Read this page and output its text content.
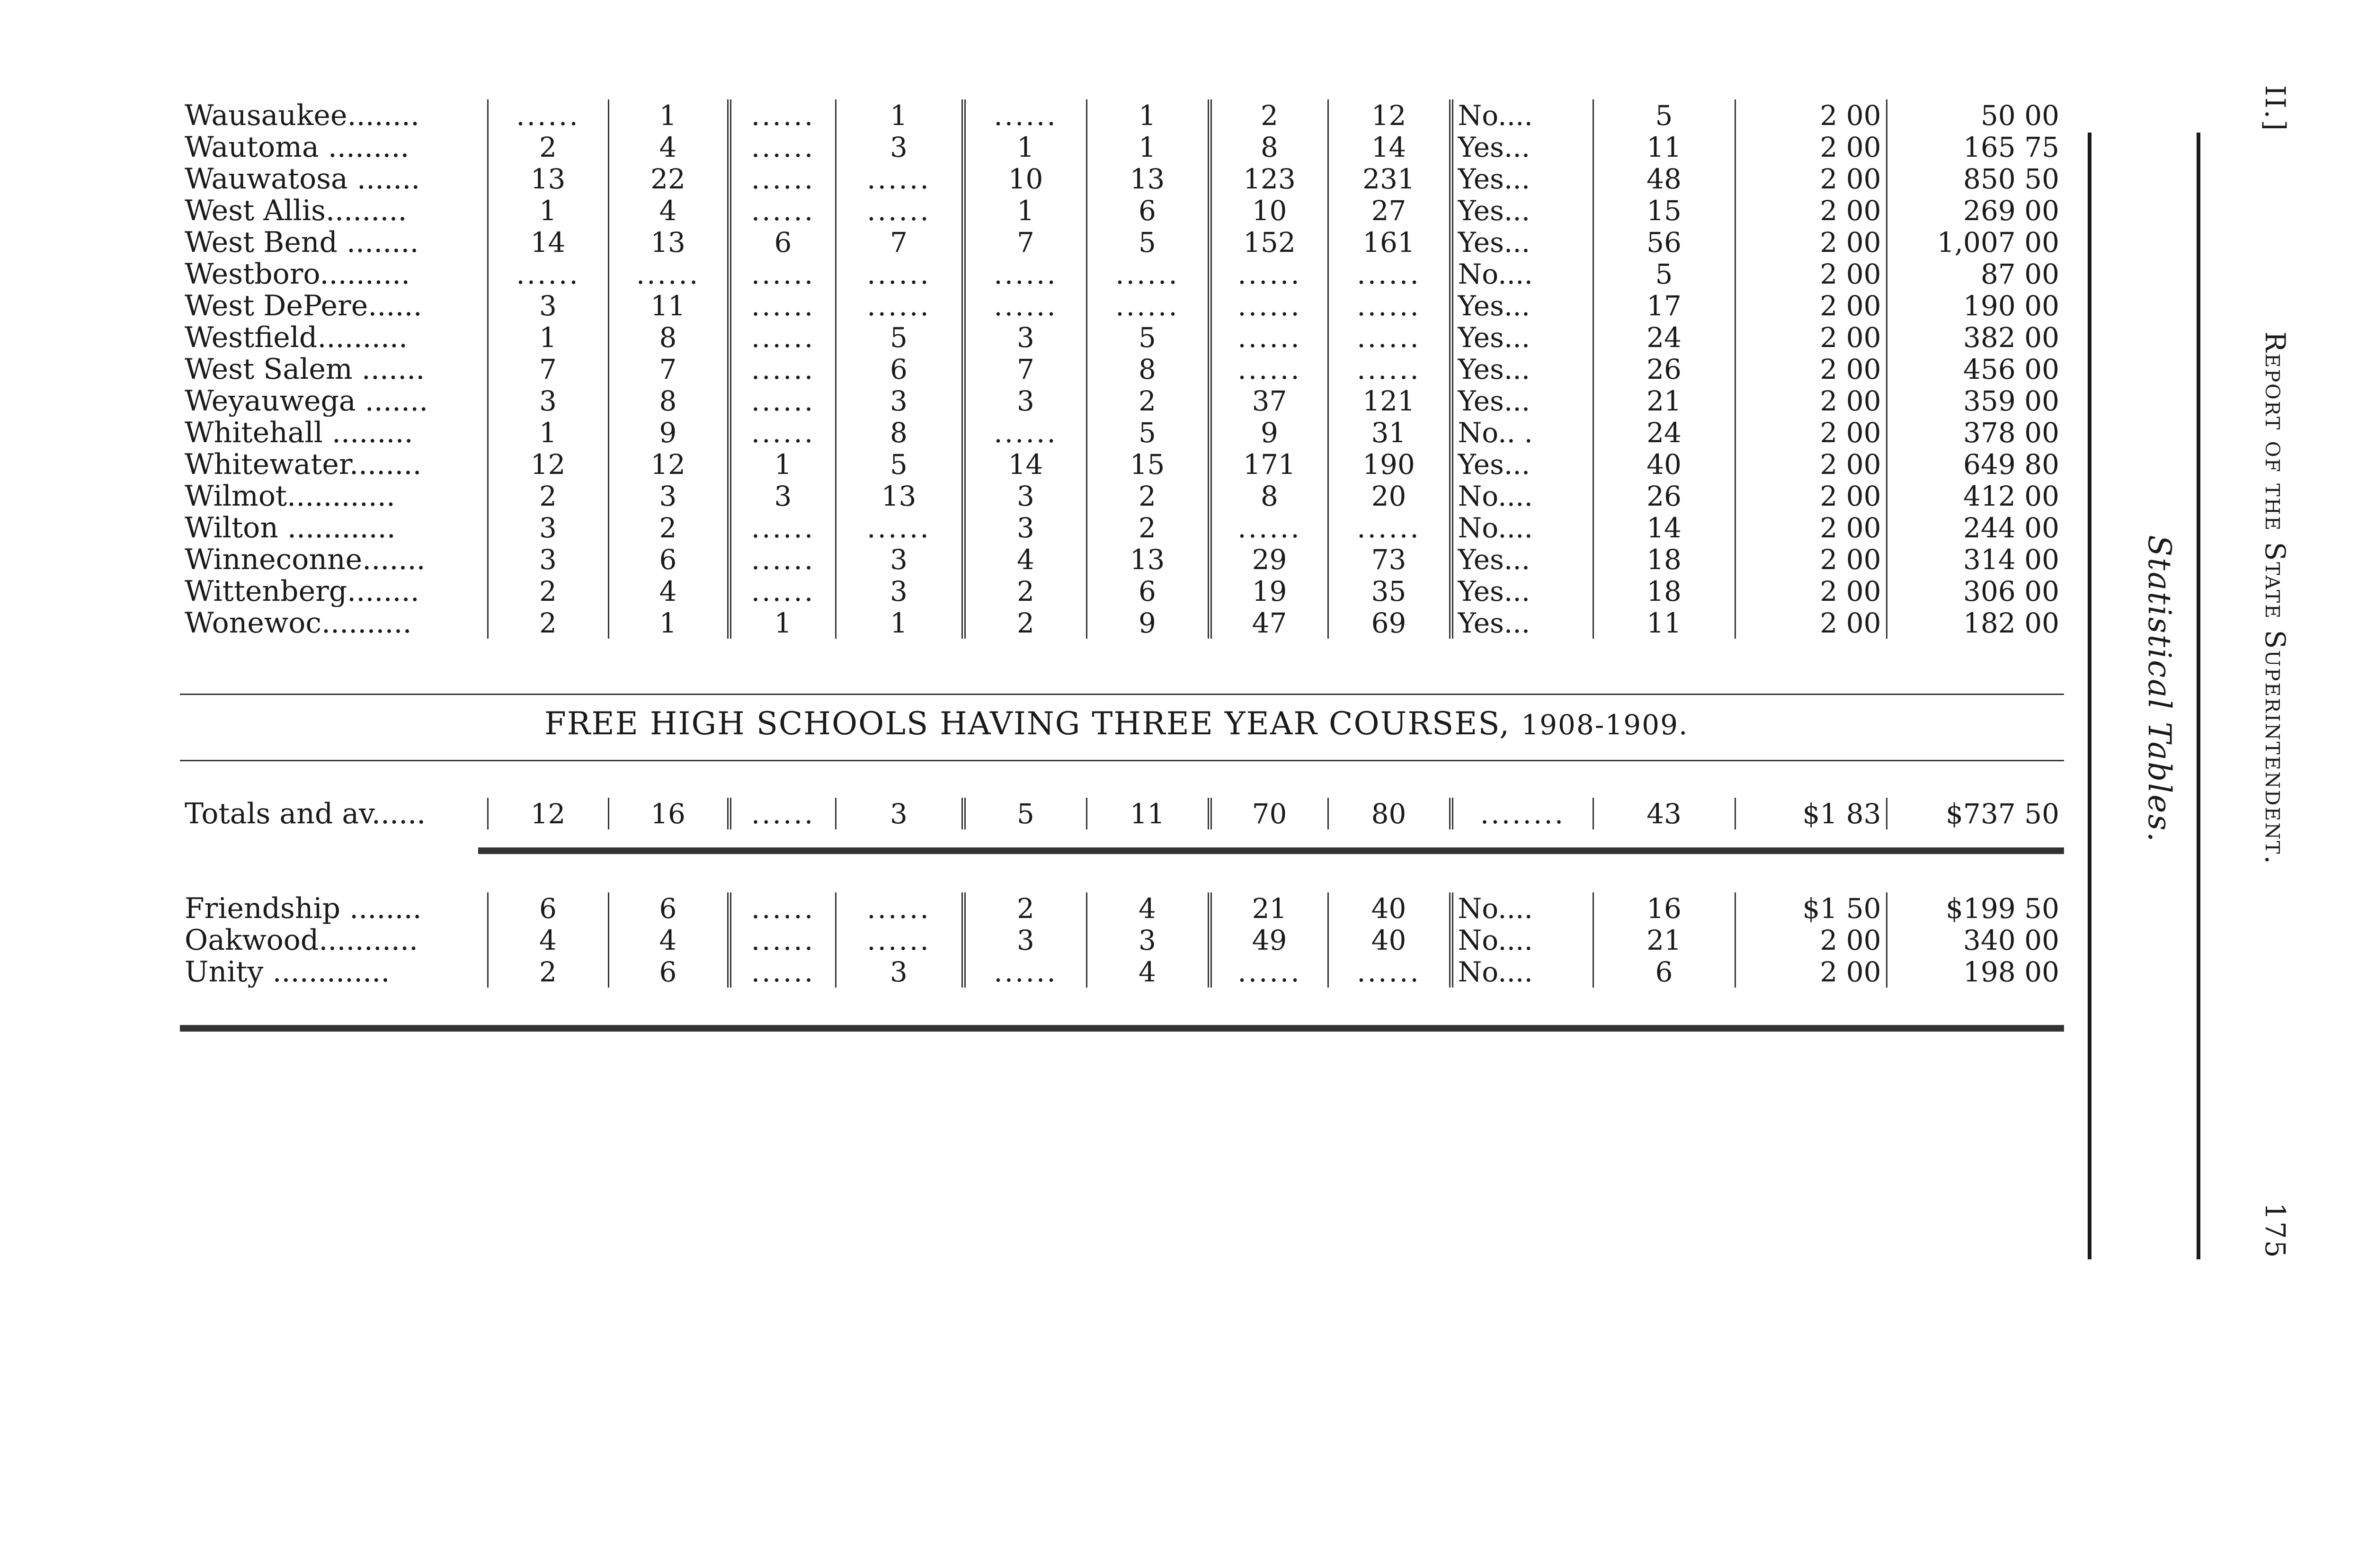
II.]
Report of the State Superintendent.
175
Statistical Tables.
Wausaukee........	......	1	......	1	......	1	2	12	No....	5	2 00	50 00
Wautoma .........	2	4	......	3	1	1	8	14	Yes...	11	2 00	165 75
Wauwatosa .......	13	22	......	......	10	13	123	231	Yes...	48	2 00	850 50
West Allis.........	1	4	......	......	1	6	10	27	Yes...	15	2 00	269 00
West Bend ........	14	13	6	7	7	5	152	161	Yes...	56	2 00	1,007 00
Westboro..........	......	......	......	......	......	......	......	......	No....	5	2 00	87 00
West DePere......	3	11	......	......	......	......	......	......	Yes...	17	2 00	190 00
Westfield..........	1	8	......	5	3	5	......	......	Yes...	24	2 00	382 00
West Salem .......	7	7	......	6	7	8	......	......	Yes...	26	2 00	456 00
Weyauwega .......	3	8	......	3	3	2	37	121	Yes...	21	2 00	359 00
Whitehall .........	1	9	......	8	......	5	9	31	No.. .	24	2 00	378 00
Whitewater........	12	12	1	5	14	15	171	190	Yes...	40	2 00	649 80
Wilmot............	2	3	3	13	3	2	8	20	No....	26	2 00	412 00
Wilton ............	3	2	......	......	3	2	......	......	No....	14	2 00	244 00
Winneconne.......	3	6	......	3	4	13	29	73	Yes...	18	2 00	314 00
Wittenberg........	2	4	......	3	2	6	19	35	Yes...	18	2 00	306 00
Wonewoc..........	2	1	1	1	2	9	47	69	Yes...	11	2 00	182 00
FREE HIGH SCHOOLS HAVING THREE YEAR COURSES, 1908-1909.
Totals and av......	12	16	......	3	5	11	70	80	........	43	$1 83	$737 50
Friendship ........	6	6	......	......	2	4	21	40	No....	16	$1 50	$199 50
Oakwood...........	4	4	......	......	3	3	49	40	No....	21	2 00	340 00
Unity .............	2	6	......	3	......	4	......	......	No....	6	2 00	198 00
